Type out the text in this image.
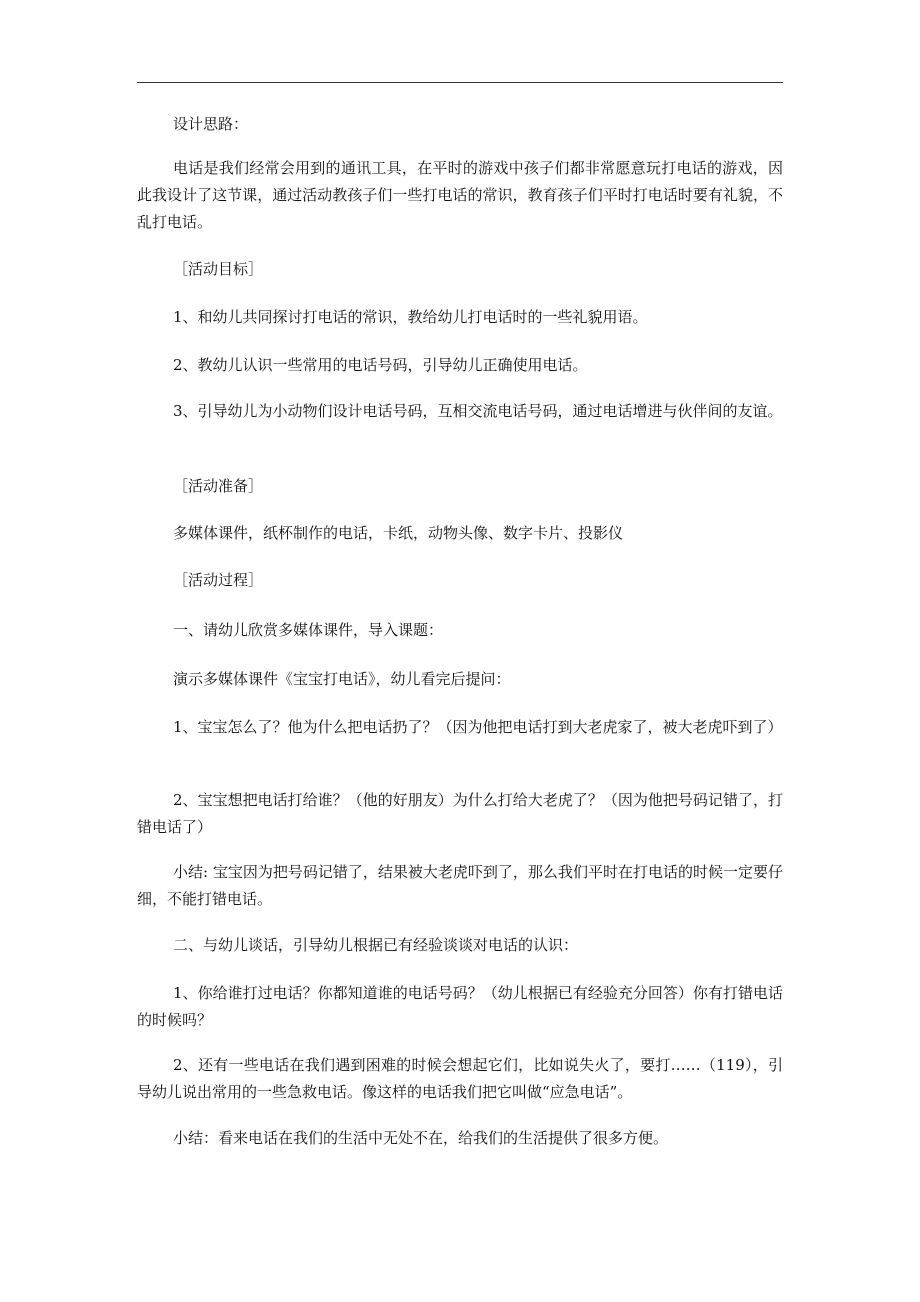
设计思路：

电话是我们经常会用到的通讯工具，在平时的游戏中孩子们都非常愿意玩打电话的游戏，因此我设计了这节课，通过活动教孩子们一些打电话的常识，教育孩子们平时打电话时要有礼貌，不乱打电话。

［活动目标］

1、和幼儿共同探讨打电话的常识，教给幼儿打电话时的一些礼貌用语。

2、教幼儿认识一些常用的电话号码，引导幼儿正确使用电话。

3、引导幼儿为小动物们设计电话号码，互相交流电话号码，通过电话增进与伙伴间的友谊。

［活动准备］

多媒体课件，纸杯制作的电话，卡纸，动物头像、数字卡片、投影仪

［活动过程］

一、请幼儿欣赏多媒体课件，导入课题：

演示多媒体课件《宝宝打电话》，幼儿看完后提问：

1、宝宝怎么了？他为什么把电话扔了？（因为他把电话打到大老虎家了，被大老虎吓到了）

2、宝宝想把电话打给谁？（他的好朋友）为什么打给大老虎了？（因为他把号码记错了，打错电话了）

小结: 宝宝因为把号码记错了，结果被大老虎吓到了，那么我们平时在打电话的时候一定要仔细，不能打错电话。

二、与幼儿谈话，引导幼儿根据已有经验谈谈对电话的认识：

1、你给谁打过电话？你都知道谁的电话号码？（幼儿根据已有经验充分回答）你有打错电话的时候吗？

2、还有一些电话在我们遇到困难的时候会想起它们，比如说失火了，要打……（119），引导幼儿说出常用的一些急救电话。像这样的电话我们把它叫做“应急电话”。

小结：看来电话在我们的生活中无处不在，给我们的生活提供了很多方便。
